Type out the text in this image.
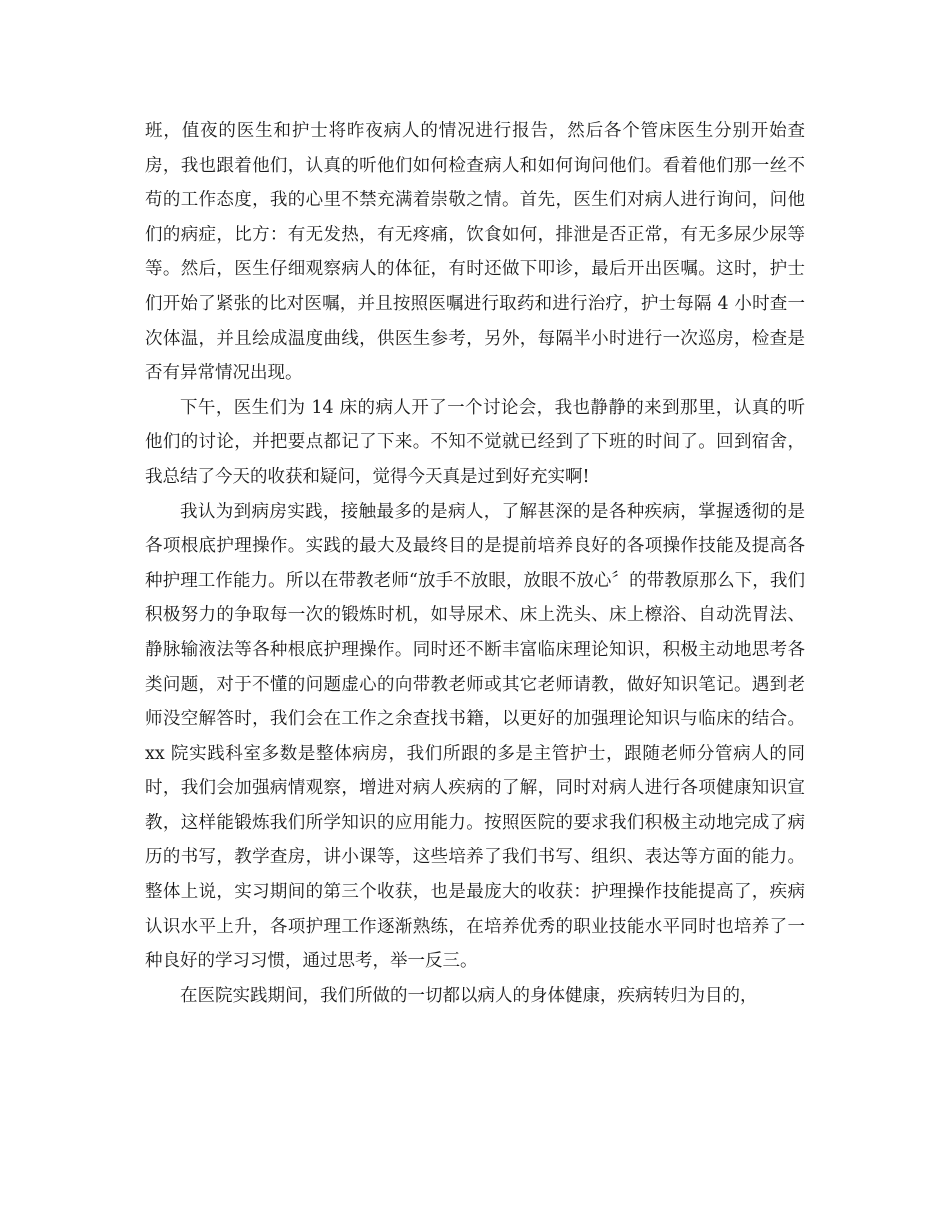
班，值夜的医生和护士将昨夜病人的情况进行报告，然后各个管床医生分别开始查房，我也跟着他们，认真的听他们如何检查病人和如何询问他们。看着他们那一丝不苟的工作态度，我的心里不禁充满着崇敬之情。首先，医生们对病人进行询问，问他们的病症，比方：有无发热，有无疼痛，饮食如何，排泄是否正常，有无多尿少尿等等。然后，医生仔细观察病人的体征，有时还做下叩诊，最后开出医嘱。这时，护士们开始了紧张的比对医嘱，并且按照医嘱进行取药和进行治疗，护士每隔 4 小时查一次体温，并且绘成温度曲线，供医生参考，另外，每隔半小时进行一次巡房，检查是否有异常情况出现。

下午，医生们为 14 床的病人开了一个讨论会，我也静静的来到那里，认真的听他们的讨论，并把要点都记了下来。不知不觉就已经到了下班的时间了。回到宿舍，我总结了今天的收获和疑问，觉得今天真是过到好充实啊!

我认为到病房实践，接触最多的是病人，了解甚深的是各种疾病，掌握透彻的是各项根底护理操作。实践的最大及最终目的是提前培养良好的各项操作技能及提高各种护理工作能力。所以在带教老师“放手不放眼，放眼不放心〞的带教原那么下，我们积极努力的争取每一次的锻炼时机，如导尿术、床上洗头、床上檫浴、自动洗胃法、静脉输液法等各种根底护理操作。同时还不断丰富临床理论知识，积极主动地思考各类问题，对于不懂的问题虚心的向带教老师或其它老师请教，做好知识笔记。遇到老师没空解答时，我们会在工作之余查找书籍，以更好的加强理论知识与临床的结合。xx 院实践科室多数是整体病房，我们所跟的多是主管护士，跟随老师分管病人的同时，我们会加强病情观察，增进对病人疾病的了解，同时对病人进行各项健康知识宣教，这样能锻炼我们所学知识的应用能力。按照医院的要求我们积极主动地完成了病历的书写，教学查房，讲小课等，这些培养了我们书写、组织、表达等方面的能力。整体上说，实习期间的第三个收获，也是最庞大的收获：护理操作技能提高了，疾病认识水平上升，各项护理工作逐渐熟练，在培养优秀的职业技能水平同时也培养了一种良好的学习习惯，通过思考，举一反三。

在医院实践期间，我们所做的一切都以病人的身体健康，疾病转归为目的，
